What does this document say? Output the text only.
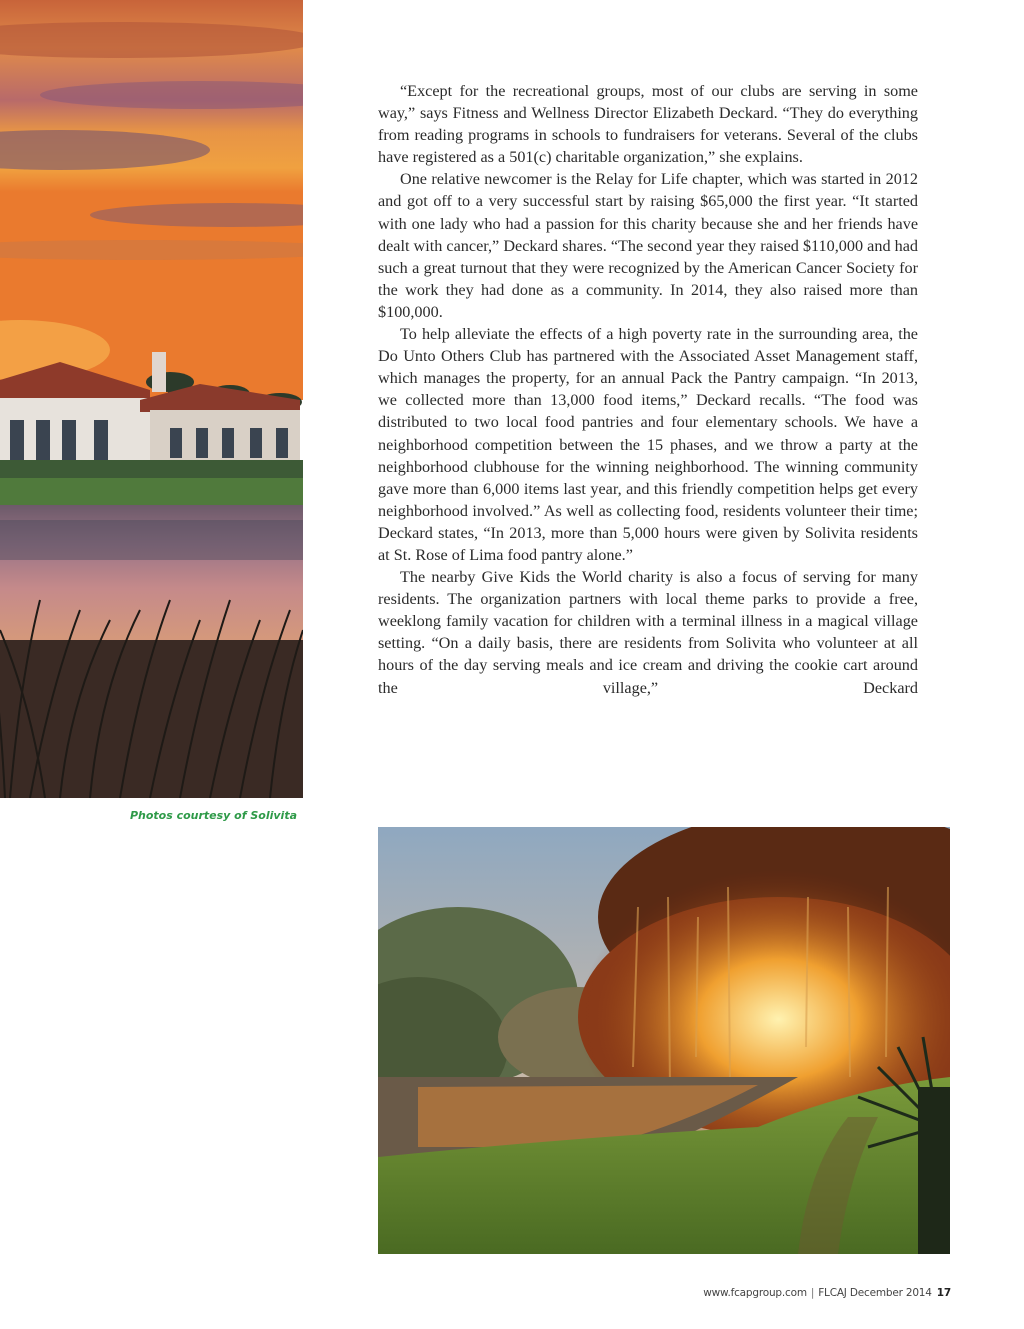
Photos courtesy of Solivita

“Except for the recreational groups, most of our clubs are serving in some way,” says Fitness and Wellness Director Elizabeth Deckard. “They do everything from reading programs in schools to fundraisers for veterans. Several of the clubs have registered as a 501(c) charitable organization,” she explains.

One relative newcomer is the Relay for Life chapter, which was started in 2012 and got off to a very successful start by raising $65,000 the first year. “It started with one lady who had a passion for this charity because she and her friends have dealt with cancer,” Deckard shares. “The second year they raised $110,000 and had such a great turnout that they were recognized by the American Cancer Society for the work they had done as a community. In 2014, they also raised more than $100,000.

To help alleviate the effects of a high poverty rate in the surrounding area, the Do Unto Others Club has partnered with the Associated Asset Management staff, which manages the property, for an annual Pack the Pantry campaign. “In 2013, we collected more than 13,000 food items,” Deckard recalls. “The food was distributed to two local food pantries and four elementary schools. We have a neighborhood competition between the 15 phases, and we throw a party at the neighborhood clubhouse for the winning neighborhood. The winning community gave more than 6,000 items last year, and this friendly competition helps get every neighborhood involved.” As well as collecting food, residents volunteer their time; Deckard states, “In 2013, more than 5,000 hours were given by Solivita residents at St. Rose of Lima food pantry alone.”

The nearby Give Kids the World charity is also a focus of serving for many residents. The organization partners with local theme parks to provide a free, weeklong family vacation for children with a terminal illness in a magical village setting. “On a daily basis, there are residents from Solivita who volunteer at all hours of the day serving meals and ice cream and driving the cookie cart around the village,” Deckard

www.fcapgroup.com | FLCAJ December 2014 17
